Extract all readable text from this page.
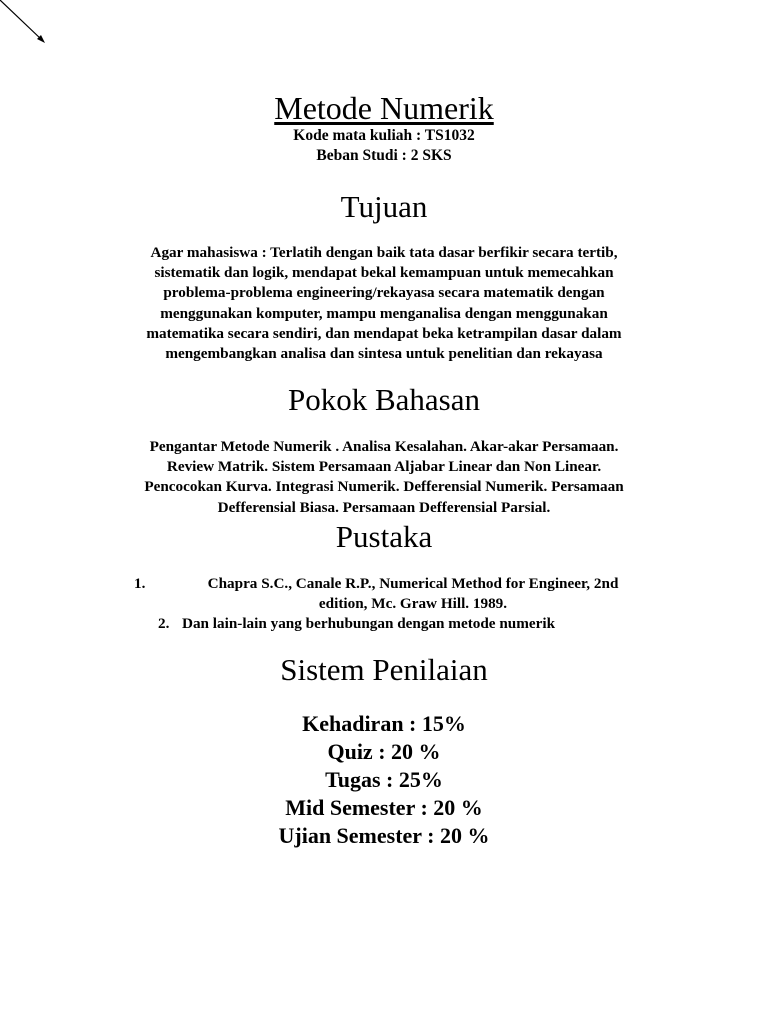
Metode Numerik
Kode mata kuliah : TS1032
Beban Studi : 2 SKS
Tujuan
Agar mahasiswa : Terlatih dengan baik tata dasar berfikir secara tertib,
sistematik dan logik, mendapat bekal kemampuan untuk memecahkan
problema-problema engineering/rekayasa secara matematik dengan
menggunakan komputer, mampu menganalisa dengan menggunakan
matematika secara sendiri, dan mendapat beka ketrampilan dasar dalam
mengembangkan analisa dan sintesa untuk penelitian dan rekayasa
Pokok Bahasan
Pengantar Metode Numerik . Analisa Kesalahan. Akar-akar Persamaan.
Review Matrik. Sistem Persamaan Aljabar Linear dan Non Linear.
Pencocokan Kurva. Integrasi Numerik. Defferensial Numerik. Persamaan
Defferensial Biasa. Persamaan Defferensial Parsial.
Pustaka
1.	Chapra S.C., Canale R.P., Numerical Method for Engineer, 2nd
edition, Mc. Graw Hill. 1989.
2. Dan lain-lain yang berhubungan dengan metode numerik
Sistem Penilaian
Kehadiran : 15%
Quiz : 20 %
Tugas : 25%
Mid Semester : 20 %
Ujian Semester : 20 %
